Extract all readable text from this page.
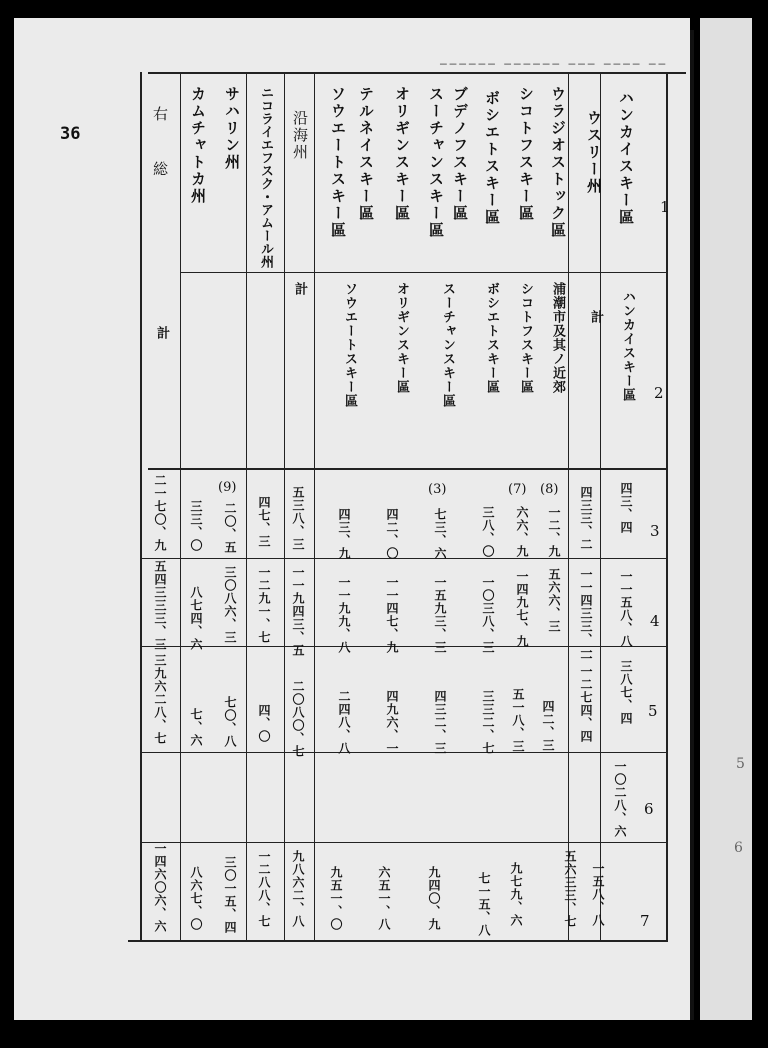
36
────── ────── ─── ──── ──
1
2
3
4
5
6
7
5
6
ハンカイスキー區
ハンカイスキー區
四三、四
一一五八、八
三八七、四
一〇二八、六
一五八、八
ウスリー州
計
四三三、二
一一四三三、一
一一二七四、四
ウラジオストック區
浦潮市及其ノ近郊
(8)
一二、九
五六六、三
四二、三
五六三三、七
シコトフスキー區
シコトフスキー區
(7)
六六、九
一四九七、九
五一八、三
九七九、六
ボシエトスキー區
ボシエトスキー區
三八、〇
一〇三八、三
三三二、七
七一五、八
ブデノフスキー區
スーチャンスキー區
スーチャンスキー區
(3)
七三、六
一五九三、三
四三二、三
九四〇、九
オリギンスキー區
オリギンスキー區
四二、〇
一一四七、九
四九六、一
六五一、八
テルネイスキー區
ソウエートスキー區
ソウエートスキー區
四三、九
一一九九、八
二四八、八
九五一、〇
沿海州
計
五三八、三
一一九四三、五
二〇八〇、七
九八六二、八
ニコライエフスク・アムール州
四七、三
一二九一、七
四、〇
一二八八、七
サハリン州
(9)
二〇、五
三〇八六、三
七〇、八
三〇一五、四
カムチャトカ州
三三、〇
八七四、六
七、六
八六七、〇
右総
計
二一七〇、九
五四三三三、三
三九六二八、七
一四六〇六、六
